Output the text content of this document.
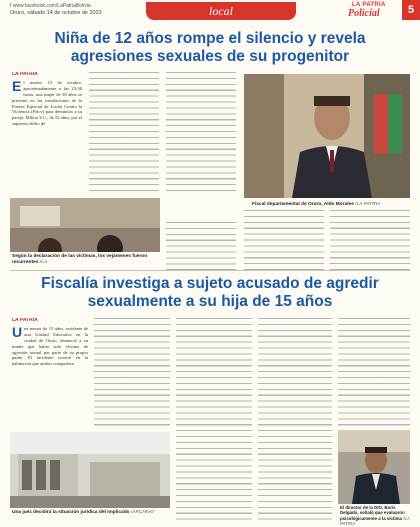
f www.facebook.com/LaPatriaBolivia
Oruro, sábado 14 de octubre de 2023	local	LA PATRIA
Policial	5
Niña de 12 años rompe el silencio y revela agresiones sexuales de su progenitor
LA PATRIA
E l martes 13 de octubre, aproximadamente a las 23:30 horas, una mujer de 30 años se presentó en las instalaciones de la Fuerza Especial de Lucha Contra la Violencia (Felcv) para denunciar a su pareja, Milton V.C., de 52 años, por el supuesto delito de
Fiscal departamental de Oruro, Aldo Morales /LA PATRIA
Según la declaración de las víctimas, los vejámenes fueron recurrentes /LA
Fiscalía investiga a sujeto acusado de agredir sexualmente a su hija de 15 años
LA PATRIA
U na menor de 15 años, residente de una Unidad Educativa en la ciudad de Oruro, denunció a su madre que había sido víctima de agresión sexual por parte de su propio padre. El incidente ocurrió en la habitación que ambos compartían
Una juez decidirá la situación jurídica del implicado /ARCHIVO
El director de la DIO, Boris Delgado, señaló que evaluaron psicológicamente a la víctima /LA PATRIA
